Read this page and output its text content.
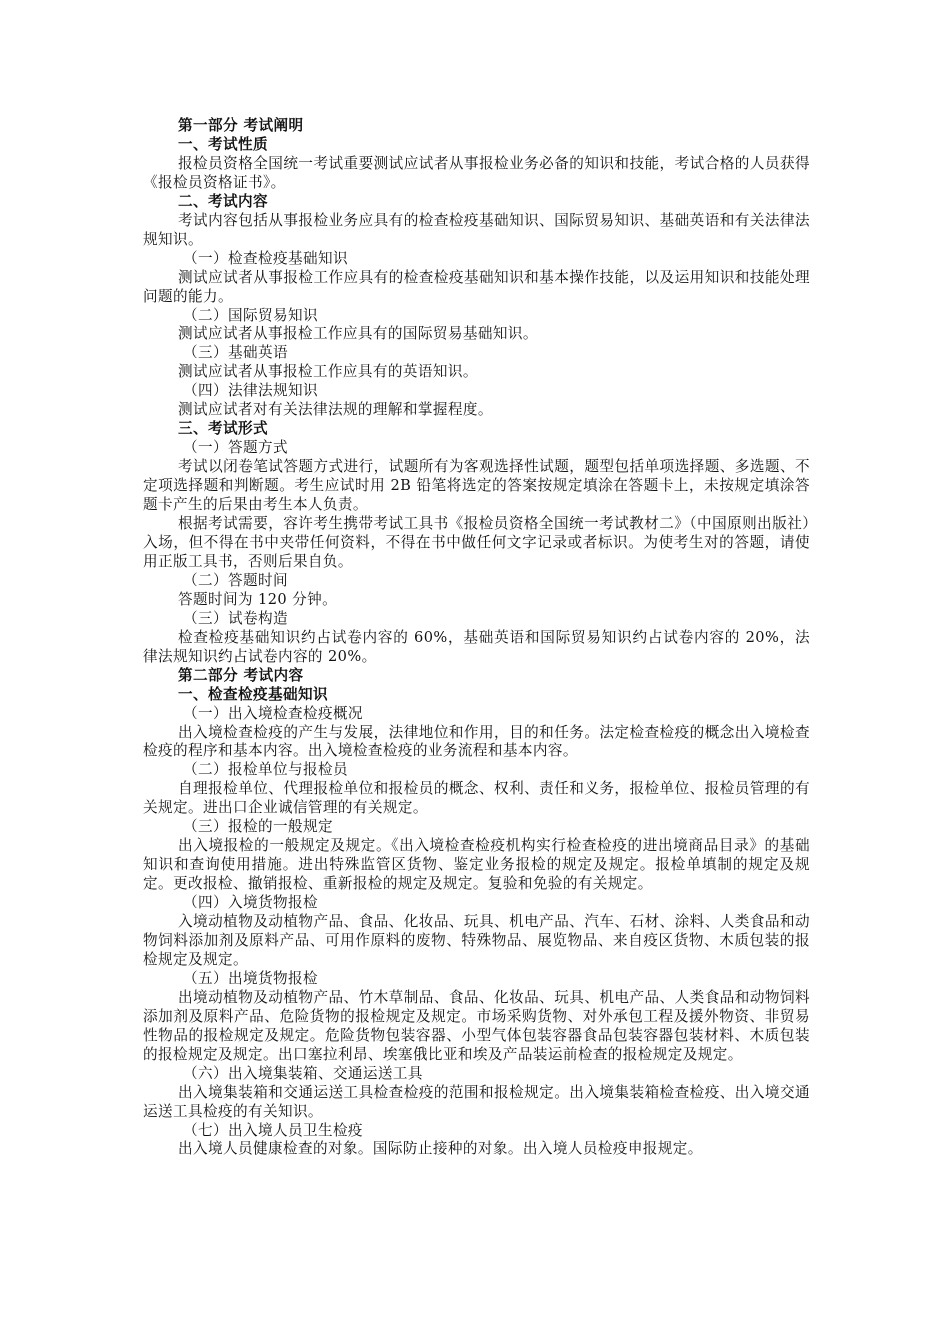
第一部分 考试阐明

一、考试性质

报检员资格全国统一考试重要测试应试者从事报检业务必备的知识和技能，考试合格的人员获得《报检员资格证书》。

二、考试内容

考试内容包括从事报检业务应具有的检查检疫基础知识、国际贸易知识、基础英语和有关法律法规知识。

（一）检查检疫基础知识

测试应试者从事报检工作应具有的检查检疫基础知识和基本操作技能，以及运用知识和技能处理问题的能力。

（二）国际贸易知识

测试应试者从事报检工作应具有的国际贸易基础知识。

（三）基础英语

测试应试者从事报检工作应具有的英语知识。

（四）法律法规知识

测试应试者对有关法律法规的理解和掌握程度。

三、考试形式

（一）答题方式

考试以闭卷笔试答题方式进行，试题所有为客观选择性试题，题型包括单项选择题、多选题、不定项选择题和判断题。考生应试时用 2B 铅笔将选定的答案按规定填涂在答题卡上，未按规定填涂答题卡产生的后果由考生本人负责。

根据考试需要，容许考生携带考试工具书《报检员资格全国统一考试教材二》（中国原则出版社）入场，但不得在书中夹带任何资料，不得在书中做任何文字记录或者标识。为使考生对的答题，请使用正版工具书，否则后果自负。

（二）答题时间

答题时间为 120 分钟。

（三）试卷构造

检查检疫基础知识约占试卷内容的 60%，基础英语和国际贸易知识约占试卷内容的 20%，法律法规知识约占试卷内容的 20%。

第二部分 考试内容

一、检查检疫基础知识

（一）出入境检查检疫概况

出入境检查检疫的产生与发展，法律地位和作用，目的和任务。法定检查检疫的概念出入境检查检疫的程序和基本内容。出入境检查检疫的业务流程和基本内容。

（二）报检单位与报检员

自理报检单位、代理报检单位和报检员的概念、权利、责任和义务，报检单位、报检员管理的有关规定。进出口企业诚信管理的有关规定。

（三）报检的一般规定

出入境报检的一般规定及规定。《出入境检查检疫机构实行检查检疫的进出境商品目录》的基础知识和查询使用措施。进出特殊监管区货物、鉴定业务报检的规定及规定。报检单填制的规定及规定。更改报检、撤销报检、重新报检的规定及规定。复验和免验的有关规定。

（四）入境货物报检

入境动植物及动植物产品、食品、化妆品、玩具、机电产品、汽车、石材、涂料、人类食品和动物饲料添加剂及原料产品、可用作原料的废物、特殊物品、展览物品、来自疫区货物、木质包装的报检规定及规定。

（五）出境货物报检

出境动植物及动植物产品、竹木草制品、食品、化妆品、玩具、机电产品、人类食品和动物饲料添加剂及原料产品、危险货物的报检规定及规定。市场采购货物、对外承包工程及援外物资、非贸易性物品的报检规定及规定。危险货物包装容器、小型气体包装容器食品包装容器包装材料、木质包装的报检规定及规定。出口塞拉利昂、埃塞俄比亚和埃及产品装运前检查的报检规定及规定。

（六）出入境集装箱、交通运送工具

出入境集装箱和交通运送工具检查检疫的范围和报检规定。出入境集装箱检查检疫、出入境交通运送工具检疫的有关知识。

（七）出入境人员卫生检疫

出入境人员健康检查的对象。国际防止接种的对象。出入境人员检疫申报规定。
